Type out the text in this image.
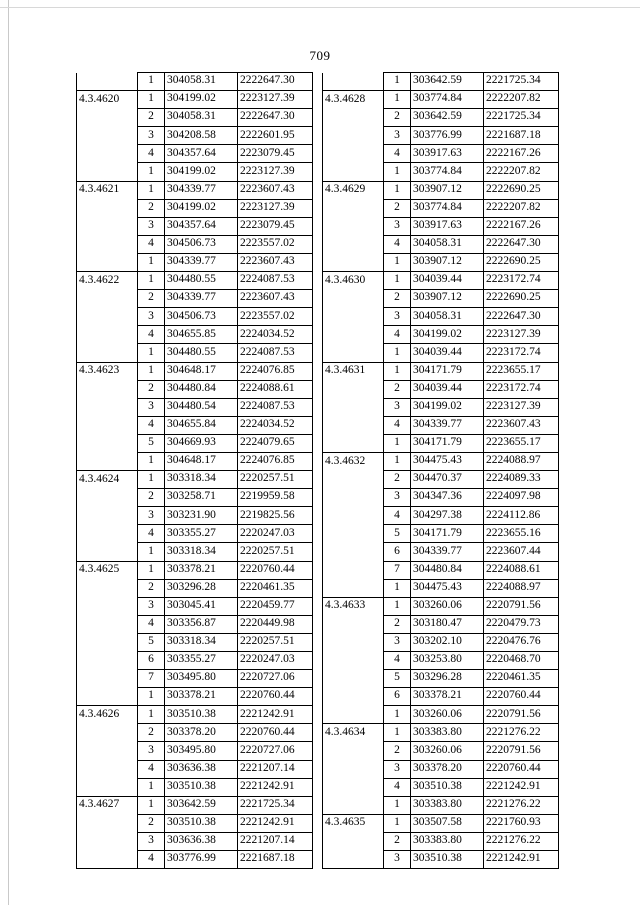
709
	1	304058.31	2222647.30
4.3.4620	1	304199.02	2223127.39
	2	304058.31	2222647.30
	3	304208.58	2222601.95
	4	304357.64	2223079.45
	1	304199.02	2223127.39
4.3.4621	1	304339.77	2223607.43
	2	304199.02	2223127.39
	3	304357.64	2223079.45
	4	304506.73	2223557.02
	1	304339.77	2223607.43
4.3.4622	1	304480.55	2224087.53
	2	304339.77	2223607.43
	3	304506.73	2223557.02
	4	304655.85	2224034.52
	1	304480.55	2224087.53
4.3.4623	1	304648.17	2224076.85
	2	304480.84	2224088.61
	3	304480.54	2224087.53
	4	304655.84	2224034.52
	5	304669.93	2224079.65
	1	304648.17	2224076.85
4.3.4624	1	303318.34	2220257.51
	2	303258.71	2219959.58
	3	303231.90	2219825.56
	4	303355.27	2220247.03
	1	303318.34	2220257.51
4.3.4625	1	303378.21	2220760.44
	2	303296.28	2220461.35
	3	303045.41	2220459.77
	4	303356.87	2220449.98
	5	303318.34	2220257.51
	6	303355.27	2220247.03
	7	303495.80	2220727.06
	1	303378.21	2220760.44
4.3.4626	1	303510.38	2221242.91
	2	303378.20	2220760.44
	3	303495.80	2220727.06
	4	303636.38	2221207.14
	1	303510.38	2221242.91
4.3.4627	1	303642.59	2221725.34
	2	303510.38	2221242.91
	3	303636.38	2221207.14
	4	303776.99	2221687.18
	1	303642.59	2221725.34
4.3.4628	1	303774.84	2222207.82
	2	303642.59	2221725.34
	3	303776.99	2221687.18
	4	303917.63	2222167.26
	1	303774.84	2222207.82
4.3.4629	1	303907.12	2222690.25
	2	303774.84	2222207.82
	3	303917.63	2222167.26
	4	304058.31	2222647.30
	1	303907.12	2222690.25
4.3.4630	1	304039.44	2223172.74
	2	303907.12	2222690.25
	3	304058.31	2222647.30
	4	304199.02	2223127.39
	1	304039.44	2223172.74
4.3.4631	1	304171.79	2223655.17
	2	304039.44	2223172.74
	3	304199.02	2223127.39
	4	304339.77	2223607.43
	1	304171.79	2223655.17
4.3.4632	1	304475.43	2224088.97
	2	304470.37	2224089.33
	3	304347.36	2224097.98
	4	304297.38	2224112.86
	5	304171.79	2223655.16
	6	304339.77	2223607.44
	7	304480.84	2224088.61
	1	304475.43	2224088.97
4.3.4633	1	303260.06	2220791.56
	2	303180.47	2220479.73
	3	303202.10	2220476.76
	4	303253.80	2220468.70
	5	303296.28	2220461.35
	6	303378.21	2220760.44
	1	303260.06	2220791.56
4.3.4634	1	303383.80	2221276.22
	2	303260.06	2220791.56
	3	303378.20	2220760.44
	4	303510.38	2221242.91
	1	303383.80	2221276.22
4.3.4635	1	303507.58	2221760.93
	2	303383.80	2221276.22
	3	303510.38	2221242.91
